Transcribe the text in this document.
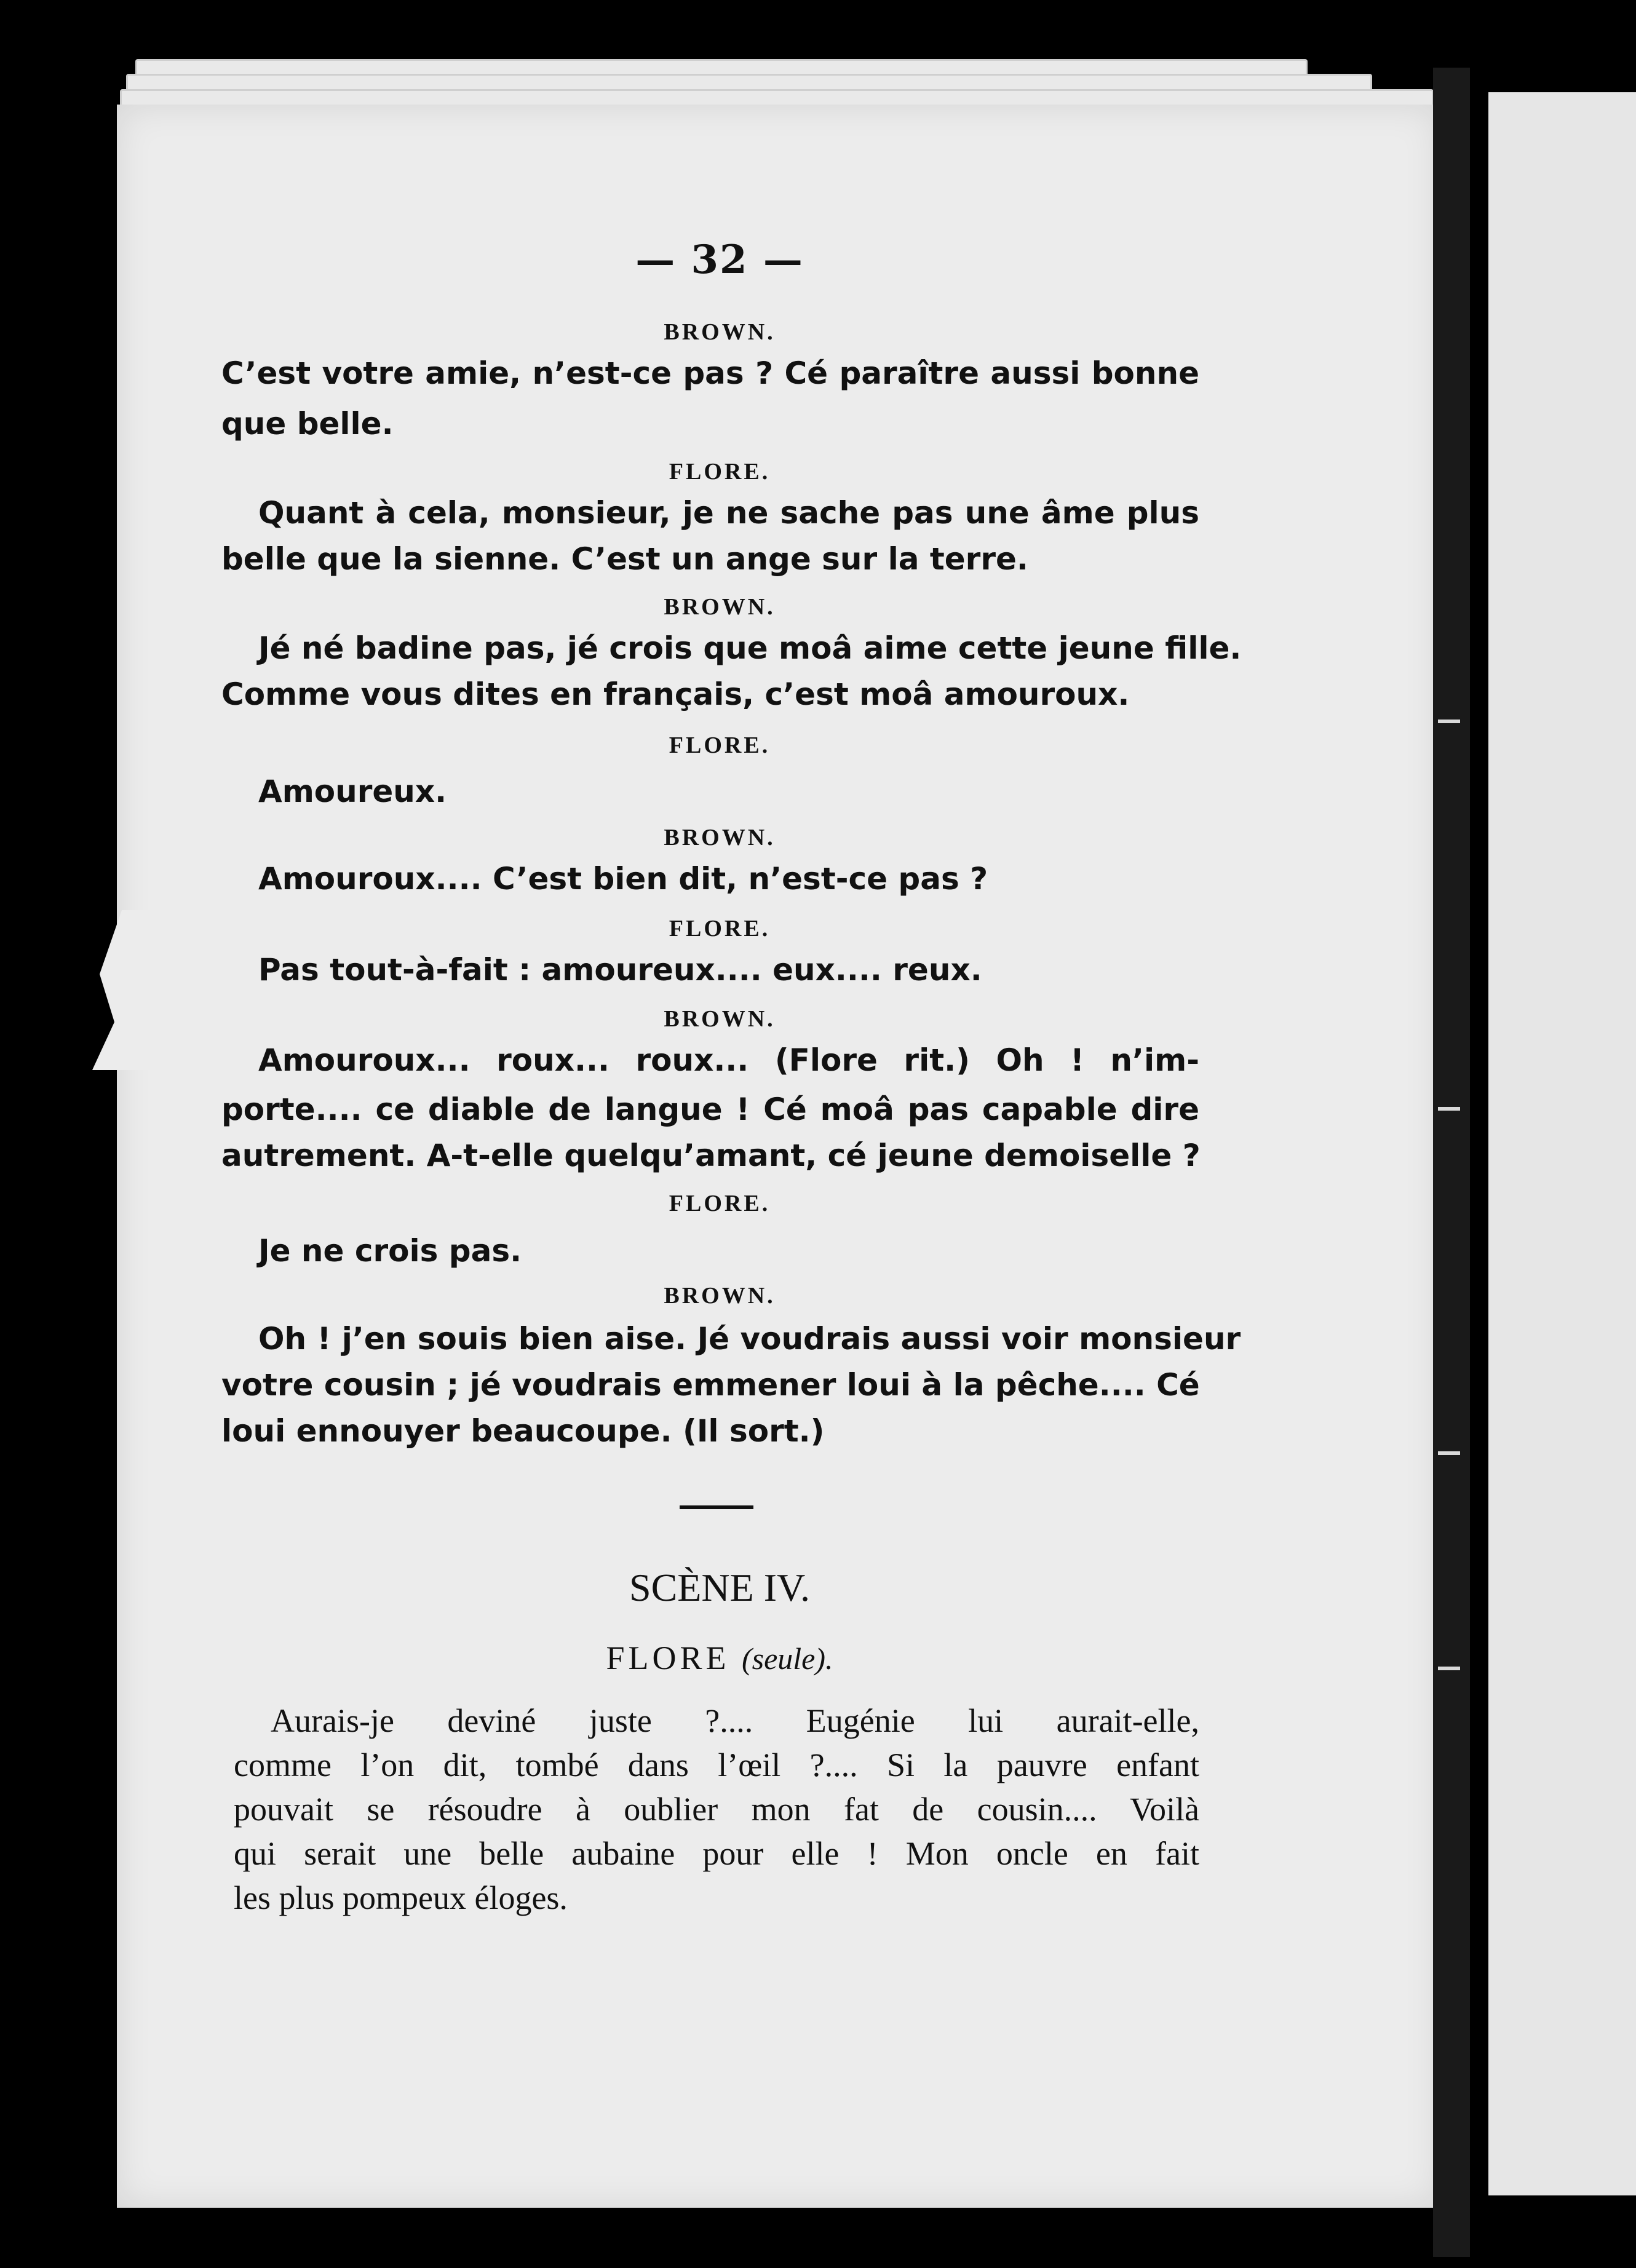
— 32 —
BROWN.
C’est votre amie, n’est-ce pas ? Cé paraître aussi bonne
que belle.
FLORE.
Quant à cela, monsieur, je ne sache pas une âme plus
belle que la sienne. C’est un ange sur la terre.
BROWN.
Jé né badine pas, jé crois que moâ aime cette jeune fille.
Comme vous dites en français, c’est moâ amouroux.
FLORE.
Amoureux.
BROWN.
Amouroux.... C’est bien dit, n’est-ce pas ?
FLORE.
Pas tout-à-fait : amoureux.... eux.... reux.
BROWN.
Amouroux... roux... roux... (Flore rit.) Oh ! n’im-
porte.... ce diable de langue ! Cé moâ pas capable dire
autrement. A-t-elle quelqu’amant, cé jeune demoiselle ?
FLORE.
Je ne crois pas.
BROWN.
Oh ! j’en souis bien aise. Jé voudrais aussi voir monsieur
votre cousin ; jé voudrais emmener loui à la pêche.... Cé
loui ennouyer beaucoupe. (Il sort.)
SCÈNE IV.
FLORE (seule).
Aurais-je deviné juste ?.... Eugénie lui aurait-elle,
comme l’on dit, tombé dans l’œil ?.... Si la pauvre enfant
pouvait se résoudre à oublier mon fat de cousin.... Voilà
qui serait une belle aubaine pour elle ! Mon oncle en fait
les plus pompeux éloges.
